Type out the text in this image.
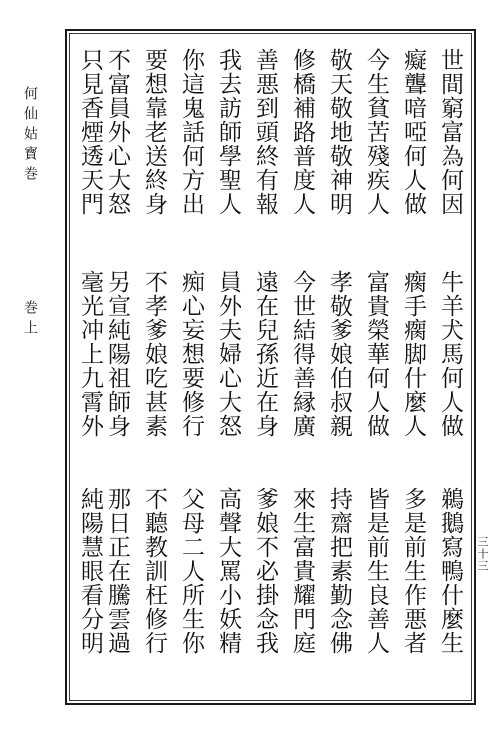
何仙姑寳巻
巻上
三十三
世間窮富為何因
牛羊犬馬何人做
鵜鵝寫鴨什麼生
癡聾喑啞何人做
瘸手瘸脚什麼人
多是前生作悪者
今生貧苦殘疾人
富貴榮華何人做
皆是前生良善人
敬天敬地敬神明
孝敬爹娘伯叔親
持齋把素勤念佛
修橋補路普度人
今世結得善縁廣
來生富貴耀門庭
善悪到頭終有報
遠在兒孫近在身
爹娘不必掛念我
我去訪師學聖人
員外夫婦心大怒
高聲大罵小妖精
你這鬼話何方出
痴心妄想要修行
父母二人所生你
要想靠老送終身
不孝爹娘吃甚素
不聽教訓枉修行
不富員外心大怒
另宣純陽祖師身
那日正在騰雲過
只見香煙透天門
毫光冲上九霄外
純陽慧眼看分明
